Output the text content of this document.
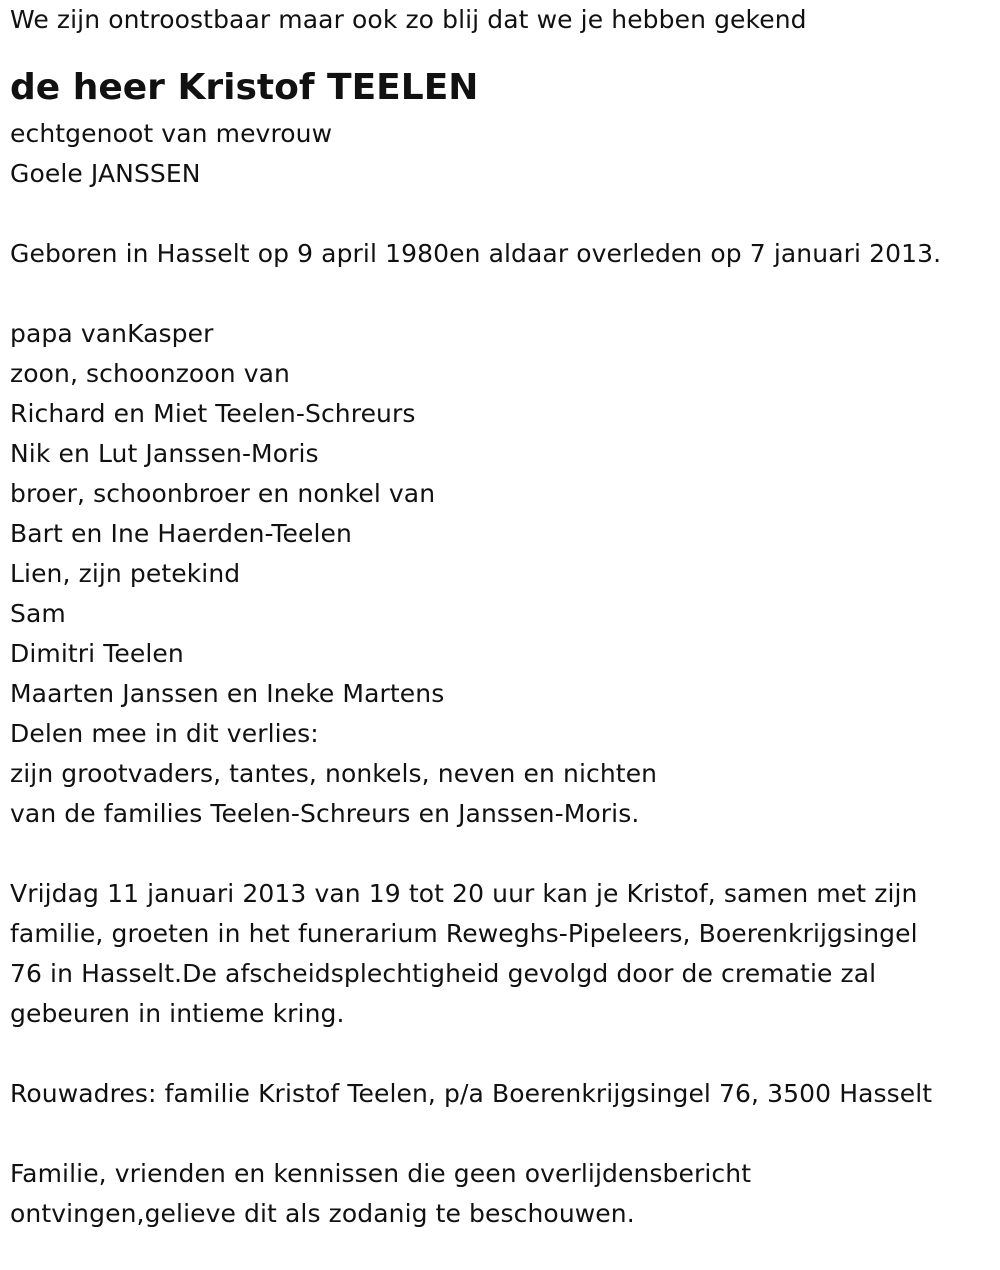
We zijn ontroostbaar maar ook zo blij dat we je hebben gekend

de heer Kristof TEELEN

echtgenoot van mevrouw

Goele JANSSEN

Geboren in Hasselt op 9 april 1980en aldaar overleden op 7 januari 2013.

papa vanKasper

zoon, schoonzoon van

Richard en Miet Teelen-Schreurs

Nik en Lut Janssen-Moris

broer, schoonbroer en nonkel van

Bart en Ine Haerden-Teelen

Lien, zijn petekind

Sam

Dimitri Teelen

Maarten Janssen en Ineke Martens

Delen mee in dit verlies:

zijn grootvaders, tantes, nonkels, neven en nichten

van de families Teelen-Schreurs en Janssen-Moris.

Vrijdag 11 januari 2013 van 19 tot 20 uur kan je Kristof, samen met zijn

familie, groeten in het funerarium Reweghs-Pipeleers, Boerenkrijgsingel

76 in Hasselt.De afscheidsplechtigheid gevolgd door de crematie zal

gebeuren in intieme kring.

Rouwadres: familie Kristof Teelen, p/a Boerenkrijgsingel 76, 3500 Hasselt

Familie, vrienden en kennissen die geen overlijdensbericht

ontvingen,gelieve dit als zodanig te beschouwen.
